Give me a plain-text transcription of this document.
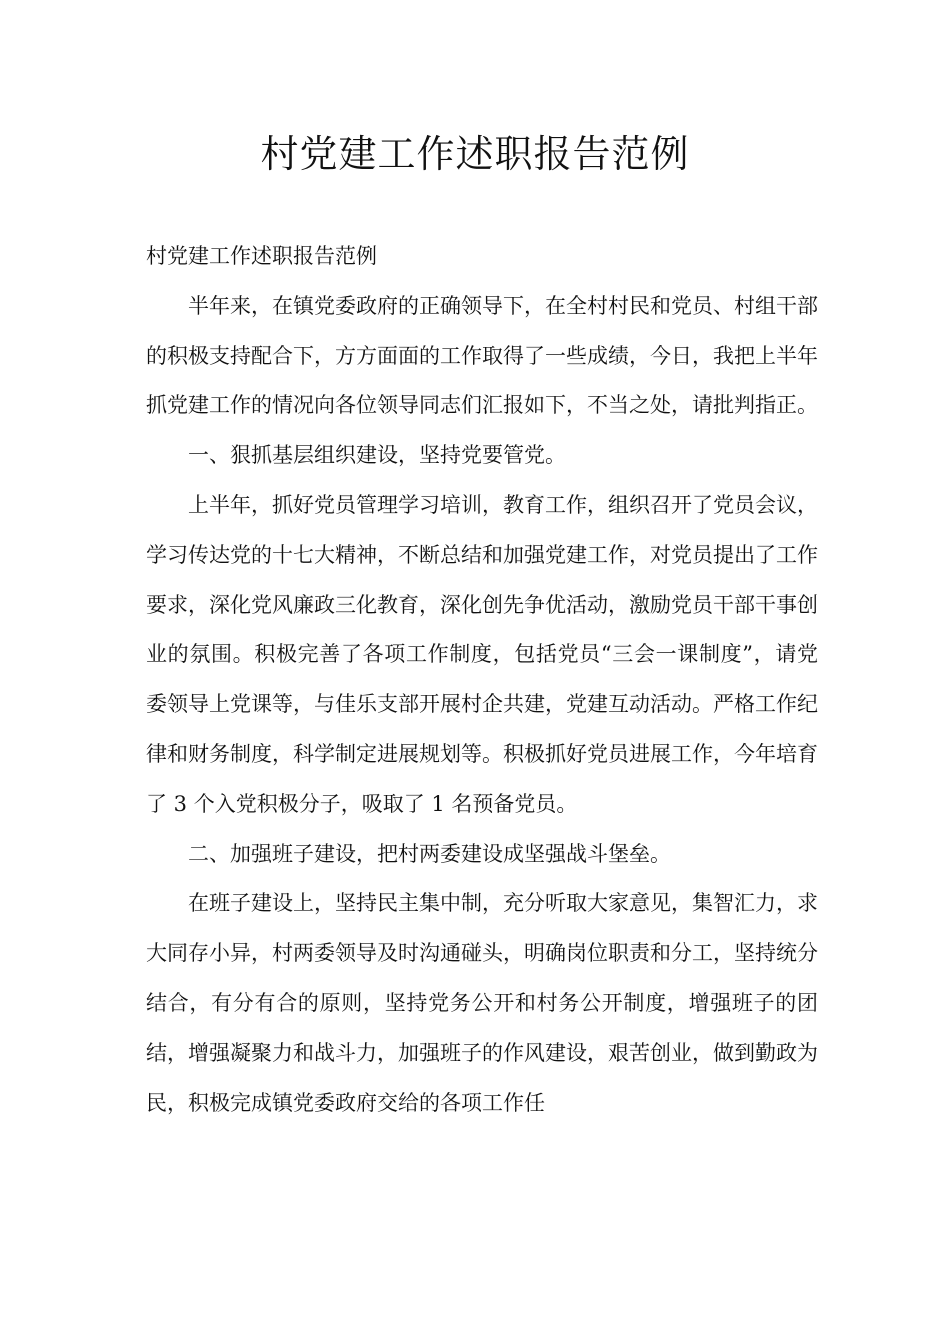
村党建工作述职报告范例

村党建工作述职报告范例

半年来，在镇党委政府的正确领导下，在全村村民和党员、村组干部的积极支持配合下，方方面面的工作取得了一些成绩，今日，我把上半年抓党建工作的情况向各位领导同志们汇报如下，不当之处，请批判指正。

一、狠抓基层组织建设，坚持党要管党。

上半年，抓好党员管理学习培训，教育工作，组织召开了党员会议，学习传达党的十七大精神，不断总结和加强党建工作，对党员提出了工作要求，深化党风廉政三化教育，深化创先争优活动，激励党员干部干事创业的氛围。积极完善了各项工作制度，包括党员“三会一课制度”，请党委领导上党课等，与佳乐支部开展村企共建，党建互动活动。严格工作纪律和财务制度，科学制定进展规划等。积极抓好党员进展工作，今年培育了 3 个入党积极分子，吸取了 1 名预备党员。

二、加强班子建设，把村两委建设成坚强战斗堡垒。

在班子建设上，坚持民主集中制，充分听取大家意见，集智汇力，求大同存小异，村两委领导及时沟通碰头，明确岗位职责和分工，坚持统分结合，有分有合的原则，坚持党务公开和村务公开制度，增强班子的团结，增强凝聚力和战斗力，加强班子的作风建设，艰苦创业，做到勤政为民，积极完成镇党委政府交给的各项工作任
